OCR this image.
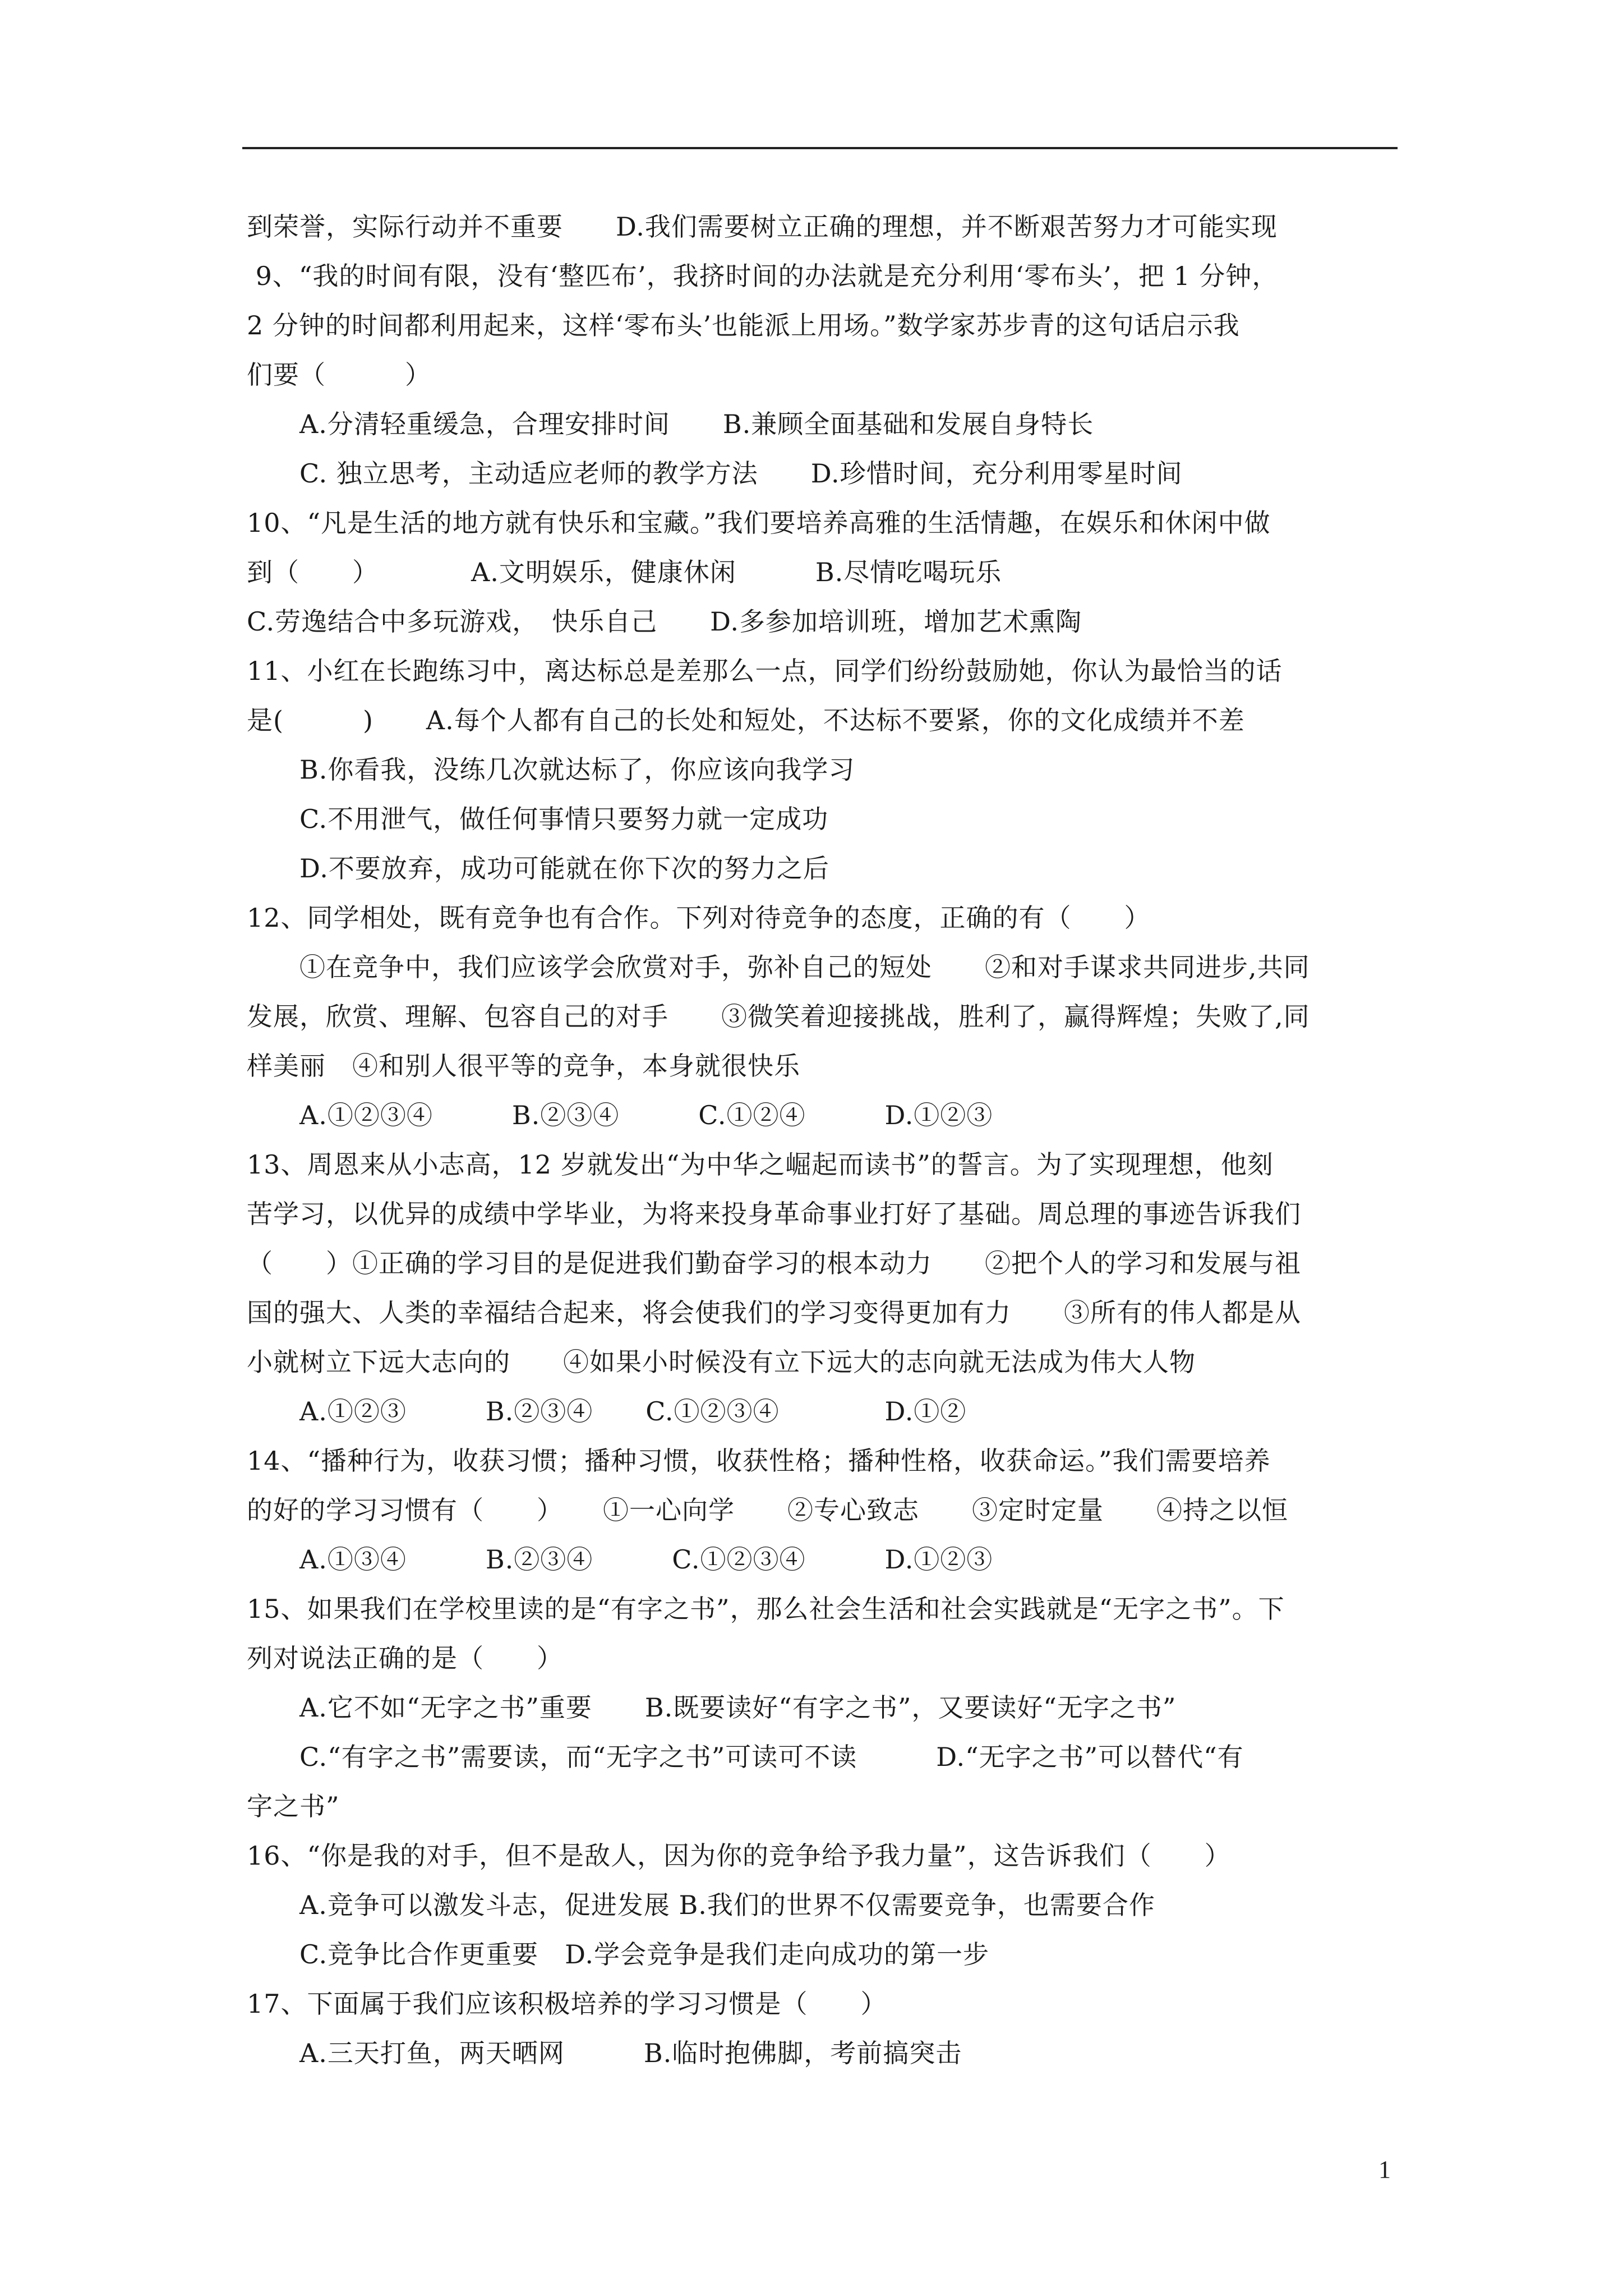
到荣誉，实际行动并不重要　　D.我们需要树立正确的理想，并不断艰苦努力才可能实现
9、“我的时间有限，没有‘整匹布’，我挤时间的办法就是充分利用‘零布头’，把 1 分钟，
2 分钟的时间都利用起来，这样‘零布头’也能派上用场。”数学家苏步青的这句话启示我
们要（　　　）
　　A.分清轻重缓急，合理安排时间　　B.兼顾全面基础和发展自身特长
　　C. 独立思考，主动适应老师的教学方法　　D.珍惜时间，充分利用零星时间
10、“凡是生活的地方就有快乐和宝藏。”我们要培养高雅的生活情趣，在娱乐和休闲中做
到（　　）　　　　A.文明娱乐，健康休闲　　　B.尽情吃喝玩乐
C.劳逸结合中多玩游戏，　快乐自己　　D.多参加培训班，增加艺术熏陶
11、小红在长跑练习中，离达标总是差那么一点，同学们纷纷鼓励她，你认为最恰当的话
是(　　　)　　A.每个人都有自己的长处和短处，不达标不要紧，你的文化成绩并不差
　　B.你看我，没练几次就达标了，你应该向我学习
　　C.不用泄气，做任何事情只要努力就一定成功
　　D.不要放弃，成功可能就在你下次的努力之后
12、同学相处，既有竞争也有合作。下列对待竞争的态度，正确的有（　　）
　　①在竞争中，我们应该学会欣赏对手，弥补自己的短处　　②和对手谋求共同进步,共同
发展，欣赏、理解、包容自己的对手　　③微笑着迎接挑战，胜利了，赢得辉煌；失败了,同
样美丽　④和别人很平等的竞争，本身就很快乐
　　A.①②③④　　　B.②③④　　　C.①②④　　　D.①②③
13、周恩来从小志高，12 岁就发出“为中华之崛起而读书”的誓言。为了实现理想，他刻
苦学习，以优异的成绩中学毕业，为将来投身革命事业打好了基础。周总理的事迹告诉我们
（　　）①正确的学习目的是促进我们勤奋学习的根本动力　　②把个人的学习和发展与祖
国的强大、人类的幸福结合起来，将会使我们的学习变得更加有力　　③所有的伟人都是从
小就树立下远大志向的　　④如果小时候没有立下远大的志向就无法成为伟大人物
　　A.①②③　　　B.②③④　　C.①②③④　　　　D.①②
14、“播种行为，收获习惯；播种习惯，收获性格；播种性格，收获命运。”我们需要培养
的好的学习习惯有（　　）　　①一心向学　　②专心致志　　③定时定量　　④持之以恒
　　A.①③④　　　B.②③④　　　C.①②③④　　　D.①②③
15、如果我们在学校里读的是“有字之书”，那么社会生活和社会实践就是“无字之书”。下
列对说法正确的是（　　）
　　A.它不如“无字之书”重要　　B.既要读好“有字之书”，又要读好“无字之书”
　　C.“有字之书”需要读，而“无字之书”可读可不读　　　D.“无字之书”可以替代“有
字之书”
16、“你是我的对手，但不是敌人，因为你的竞争给予我力量”，这告诉我们（　　）
　　A.竞争可以激发斗志，促进发展 B.我们的世界不仅需要竞争，也需要合作
　　C.竞争比合作更重要　D.学会竞争是我们走向成功的第一步
17、下面属于我们应该积极培养的学习习惯是（　　）
　　A.三天打鱼，两天晒网　　　B.临时抱佛脚，考前搞突击
1
